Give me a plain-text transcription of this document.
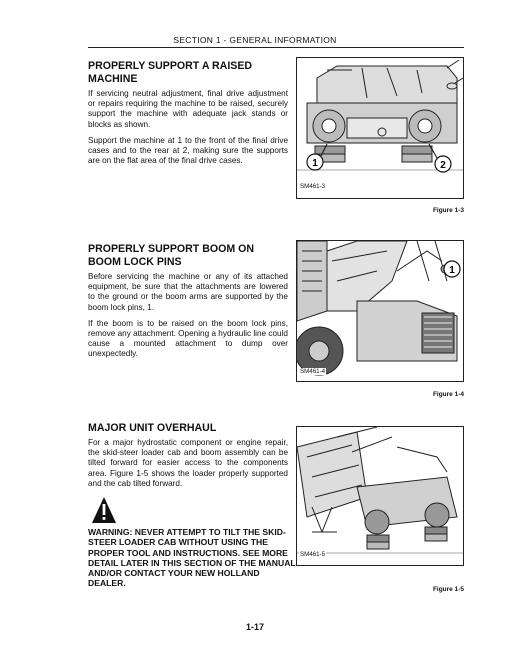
SECTION 1 - GENERAL INFORMATION
PROPERLY SUPPORT A RAISED MACHINE

If servicing neutral adjustment, final drive adjustment or repairs requiring the machine to be raised, securely support the machine with adequate jack stands or blocks as shown.

Support the machine at 1 to the front of the final drive cases and to the rear at 2, making sure the supports are on the flat area of the final drive cases.	1	2
SM461-3
Figure 1-3
PROPERLY SUPPORT BOOM ON BOOM LOCK PINS

Before servicing the machine or any of its attached equipment, be sure that the attachments are lowered to the ground or the boom arms are supported by the boom lock pins, 1.

If the boom is to be raised on the boom lock pins, remove any attachment. Opening a hydraulic line could cause a mounted attachment to dump over unexpectedly.

1
SM461-4
Figure 1-4
MAJOR UNIT OVERHAUL

For a major hydrostatic component or engine repair, the skid-steer loader cab and boom assembly can be tilted forward for easier access to the components area. Figure 1-5 shows the loader properly supported and the cab tilted forward.

SM461-5
Figure 1-5
WARNING: NEVER ATTEMPT TO TILT THE SKID-STEER LOADER CAB WITHOUT USING THE PROPER TOOL AND INSTRUCTIONS. SEE MORE DETAIL LATER IN THIS SECTION OF THE MANUAL AND/OR CONTACT YOUR NEW HOLLAND DEALER.
1-17
